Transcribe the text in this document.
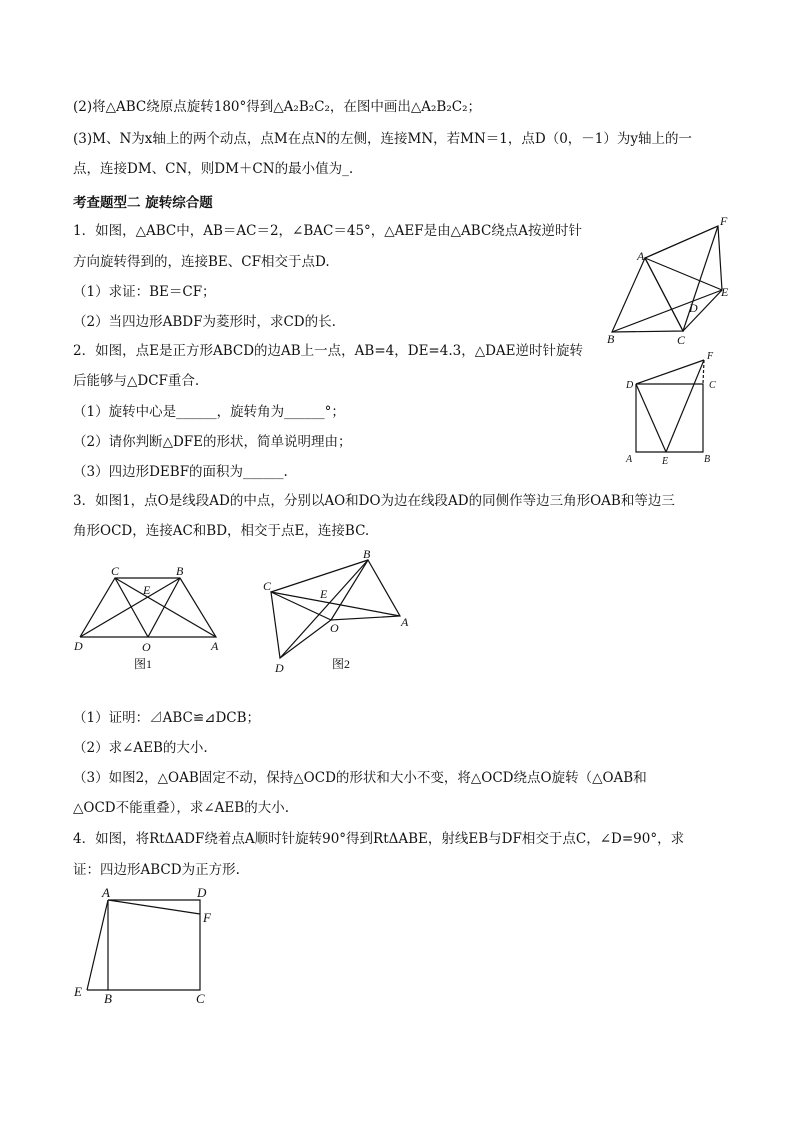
(2)将△ABC绕原点旋转180°得到△A₂B₂C₂，在图中画出△A₂B₂C₂；
(3)M、N为x轴上的两个动点，点M在点N的左侧，连接MN，若MN＝1，点D（0，－1）为y轴上的一
点，连接DM、CN，则DM＋CN的最小值为_.
考查题型二 旋转综合题
1．如图，△ABC中，AB＝AC＝2，∠BAC＝45°，△AEF是由△ABC绕点A按逆时针
方向旋转得到的，连接BE、CF相交于点D.
（1）求证：BE＝CF；
（2）当四边形ABDF为菱形时，求CD的长.
2．如图，点E是正方形ABCD的边AB上一点，AB=4，DE=4.3，△DAE逆时针旋转
后能够与△DCF重合.
（1）旋转中心是______，旋转角为______°；
（2）请你判断△DFE的形状，简单说明理由；
（3）四边形DEBF的面积为______.
3．如图1，点O是线段AD的中点，分别以AO和DO为边在线段AD的同侧作等边三角形OAB和等边三
角形OCD，连接AC和BD，相交于点E，连接BC.
（1）证明：⊿ABC≌⊿DCB；
（2）求∠AEB的大小.
（3）如图2，△OAB固定不动，保持△OCD的形状和大小不变，将△OCD绕点O旋转（△OAB和
△OCD不能重叠），求∠AEB的大小.
4．如图，将RtΔADF绕着点A顺时针旋转90°得到RtΔABE，射线EB与DF相交于点C，∠D=90°，求
证：四边形ABCD为正方形.
A
F
E
D
B	C
D	C
F
A	E	B
C	B
E
D	O	A
图1
B
C
E
O	A
D	图2
A	D
F
E B	C
